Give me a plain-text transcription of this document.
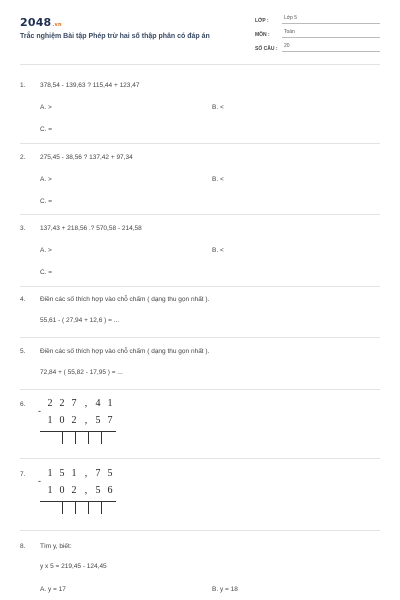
2048.vn
Trắc nghiệm Bài tập Phép trừ hai số thập phân có đáp án
LỚP :	Lớp 5
MÔN :	Toán
SỐ CÂU :	20
1. 378,54 - 139,63 ? 115,44 + 123,47
A. >	B. <
C. =
2. 275,45 - 38,56 ? 137,42 + 97,34
A. >	B. <
C. =
3. 137,43 + 218,56 .? 570,58 - 214,58
A. >	B. <
C. =
4. Điền các số thích hợp vào chỗ chấm ( dạng thu gọn nhất ).
55,61 - ( 27,94 + 12,6 ) = ...
5. Điền các số thích hợp vào chỗ chấm ( dạng thu gọn nhất ).
72,84 + ( 55,82 - 17,95 ) = ...
6.	2 2 7 , 4 1
-
1 0 2 , 5 7
7.	1 5 1 , 7 5
-
1 0 2 , 5 6
8. Tìm y, biết:
y x 5 = 219,45 - 124,45
A. y = 17	B. y = 18
